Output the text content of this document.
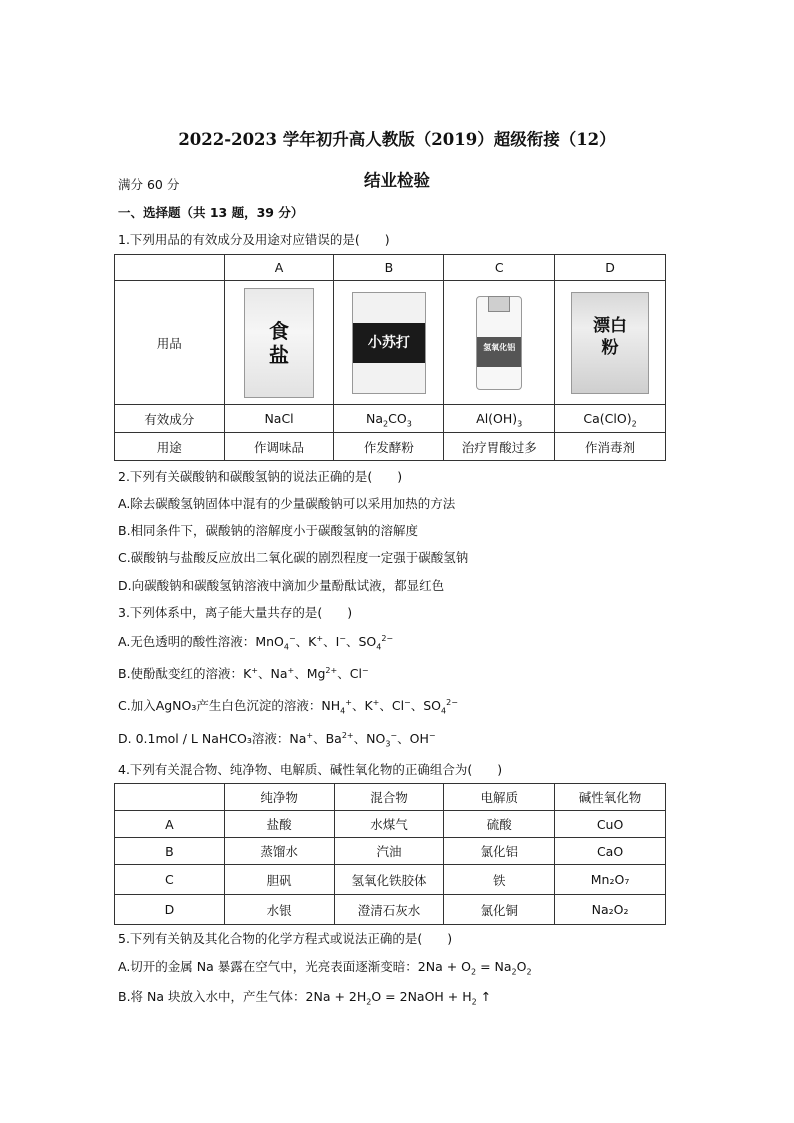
2022-2023 学年初升高人教版（2019）超级衔接（12）
结业检验
满分 60 分
一、选择题（共 13 题，39 分）
1.下列用品的有效成分及用途对应错误的是(　　)
	A	B	C	D
用品	食盐	小苏打	氢氧化铝	漂白粉

有效成分	NaCl	$Na_2CO_3$	$Al(OH)_3$	$Ca(ClO)_2$
用途	作调味品	作发酵粉	治疗胃酸过多	作消毒剂
2.下列有关碳酸钠和碳酸氢钠的说法正确的是(　　)
A.除去碳酸氢钠固体中混有的少量碳酸钠可以采用加热的方法
B.相同条件下，碳酸钠的溶解度小于碳酸氢钠的溶解度
C.碳酸钠与盐酸反应放出二氧化碳的剧烈程度一定强于碳酸氢钠
D.向碳酸钠和碳酸氢钠溶液中滴加少量酚酞试液，都显红色
3.下列体系中，离子能大量共存的是(　　)
A.无色透明的酸性溶液：MnO$_4$−、K+、I−、$SO_4^{2-}$
B.使酚酞变红的溶液：K+、Na+、$Mg^{2+}$、Cl−
C.加入AgNO₃产生白色沉淀的溶液：$NH_4^+$、K+、Cl−、$SO_4^{2-}$
D. 0.1mol / L NaHCO₃溶液：Na+、$Ba^{2+}$、$NO_3^-$、OH−
4.下列有关混合物、纯净物、电解质、碱性氧化物的正确组合为(　　)
	纯净物	混合物	电解质	碱性氧化物
A	盐酸	水煤气	硫酸	CuO
B	蒸馏水	汽油	氯化铝	CaO
C	胆矾	氢氧化铁胶体	铁	Mn₂O₇
D	水银	澄清石灰水	氯化铜	Na₂O₂
5.下列有关钠及其化合物的化学方程式或说法正确的是(　　)
A.切开的金属 Na 暴露在空气中，光亮表面逐渐变暗：$2Na + O_2 = Na_2O_2$
B.将 Na 块放入水中，产生气体：$2Na + 2H_2O$ = 2NaOH + $H_2$ ↑
